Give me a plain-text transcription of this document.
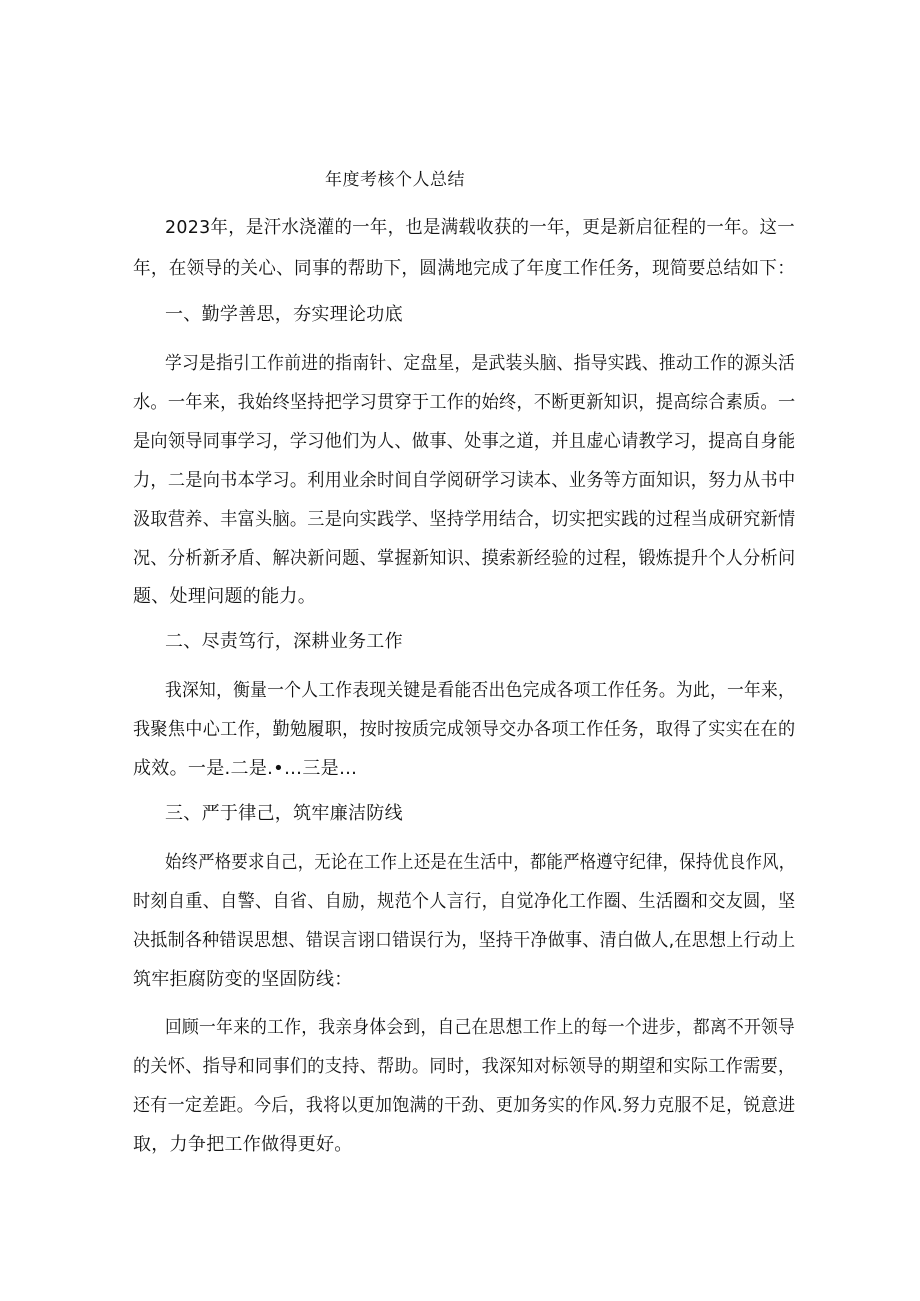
年度考核个人总结
2023年，是汗水浇灌的一年，也是满载收获的一年，更是新启征程的一年。这一
年，在领导的关心、同事的帮助下，圆满地完成了年度工作任务，现简要总结如下：
一、勤学善思，夯实理论功底
学习是指引工作前进的指南针、定盘星，是武装头脑、指导实践、推动工作的源头活
水。一年来，我始终坚持把学习贯穿于工作的始终，不断更新知识，提高综合素质。一
是向领导同事学习，学习他们为人、做事、处事之道，并且虚心请教学习，提高自身能
力，二是向书本学习。利用业余时间自学阅研学习读本、业务等方面知识，努力从书中
汲取营养、丰富头脑。三是向实践学、坚持学用结合，切实把实践的过程当成研究新情
况、分析新矛盾、解决新问题、掌握新知识、摸索新经验的过程，锻炼提升个人分析问
题、处理问题的能力。
二、尽责笃行，深耕业务工作
我深知，衡量一个人工作表现关键是看能否出色完成各项工作任务。为此，一年来，
我聚焦中心工作，勤勉履职，按时按质完成领导交办各项工作任务，取得了实实在在的
成效。一是.二是.•…三是…
三、严于律己，筑牢廉洁防线
始终严格要求自己，无论在工作上还是在生活中，都能严格遵守纪律，保持优良作风，
时刻自重、自警、自省、自励，规范个人言行，自觉净化工作圈、生活圈和交友圆，坚
决抵制各种错误思想、错误言诩口错误行为，坚持干净做事、清白做人,在思想上行动上
筑牢拒腐防变的坚固防线：
回顾一年来的工作，我亲身体会到，自己在思想工作上的每一个进步，都离不开领导
的关怀、指导和同事们的支持、帮助。同时，我深知对标领导的期望和实际工作需要，
还有一定差距。今后，我将以更加饱满的干劲、更加务实的作风.努力克服不足，锐意进
取，力争把工作做得更好。
